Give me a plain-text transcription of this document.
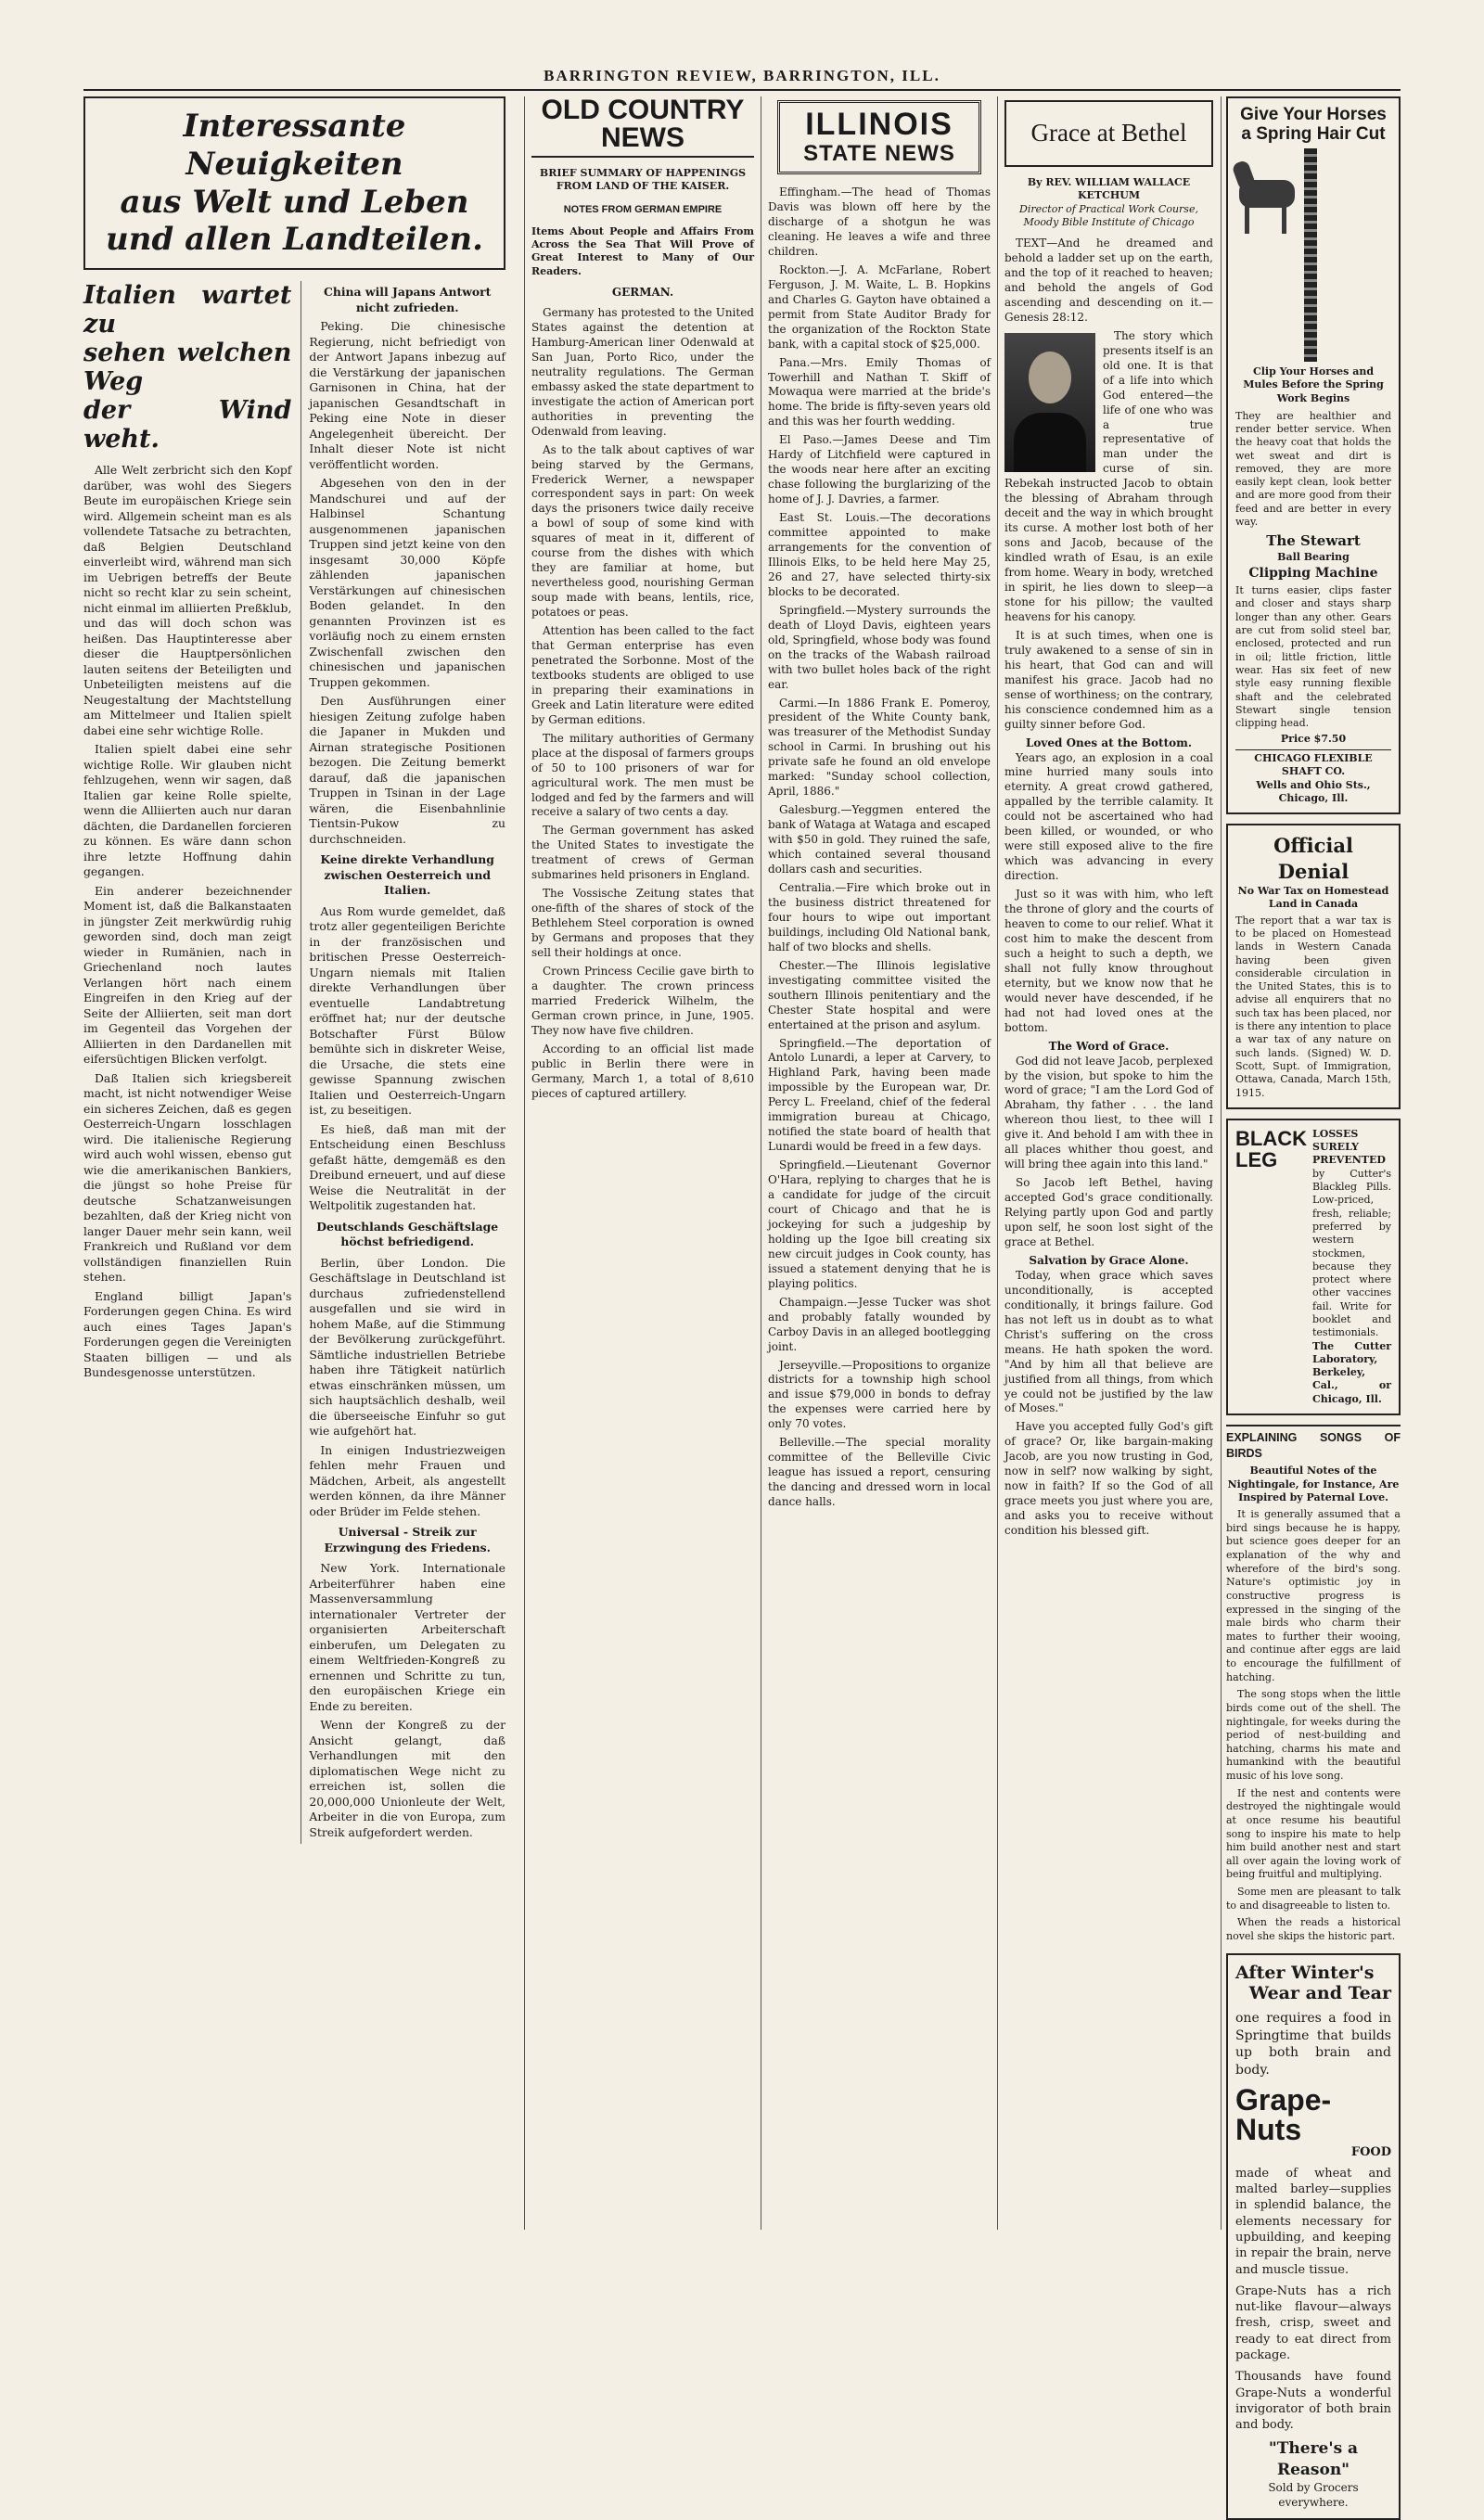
BARRINGTON REVIEW, BARRINGTON, ILL.
Interessante Neuigkeiten
aus Welt und Leben
und allen Landteilen.
Italien wartet zu
sehen welchen Weg
der Wind weht.

Alle Welt zerbricht sich den Kopf darüber, was wohl des Siegers Beute im europäischen Kriege sein wird. Allgemein scheint man es als vollendete Tatsache zu betrachten, daß Belgien Deutschland einverleibt wird, während man sich im Uebrigen betreffs der Beute nicht so recht klar zu sein scheint, nicht einmal im alliierten Preßklub, und das will doch schon was heißen. Das Hauptinteresse aber dieser die Hauptpersönlichen lauten seitens der Beteiligten und Unbeteiligten meistens auf die Neugestaltung der Machtstellung am Mittelmeer und Italien spielt dabei eine sehr wichtige Rolle.

Italien spielt dabei eine sehr wichtige Rolle. Wir glauben nicht fehlzugehen, wenn wir sagen, daß Italien gar keine Rolle spielte, wenn die Alliierten auch nur daran dächten, die Dardanellen forcieren zu können. Es wäre dann schon ihre letzte Hoffnung dahin gegangen.

Ein anderer bezeichnender Moment ist, daß die Balkanstaaten in jüngster Zeit merkwürdig ruhig geworden sind, doch man zeigt wieder in Rumänien, nach in Griechenland noch lautes Verlangen hört nach einem Eingreifen in den Krieg auf der Seite der Alliierten, seit man dort im Gegenteil das Vorgehen der Alliierten in den Dardanellen mit eifersüchtigen Blicken verfolgt.

Daß Italien sich kriegsbereit macht, ist nicht notwendiger Weise ein sicheres Zeichen, daß es gegen Oesterreich-Ungarn losschlagen wird. Die italienische Regierung wird auch wohl wissen, ebenso gut wie die amerikanischen Bankiers, die jüngst so hohe Preise für deutsche Schatzanweisungen bezahlten, daß der Krieg nicht von langer Dauer mehr sein kann, weil Frankreich und Rußland vor dem vollständigen finanziellen Ruin stehen.

England billigt Japan's Forderungen gegen China. Es wird auch eines Tages Japan's Forderungen gegen die Vereinigten Staaten billigen — und als Bundesgenosse unterstützen.

China will Japans Antwort nicht zufrieden.

Peking. Die chinesische Regierung, nicht befriedigt von der Antwort Japans inbezug auf die Verstärkung der japanischen Garnisonen in China, hat der japanischen Gesandtschaft in Peking eine Note in dieser Angelegenheit übereicht. Der Inhalt dieser Note ist nicht veröffentlicht worden.

Abgesehen von den in der Mandschurei und auf der Halbinsel Schantung ausgenommenen japanischen Truppen sind jetzt keine von den insgesamt 30,000 Köpfe zählenden japanischen Verstärkungen auf chinesischen Boden gelandet. In den genannten Provinzen ist es vorläufig noch zu einem ernsten Zwischenfall zwischen den chinesischen und japanischen Truppen gekommen.

Den Ausführungen einer hiesigen Zeitung zufolge haben die Japaner in Mukden und Airnan strategische Positionen bezogen. Die Zeitung bemerkt darauf, daß die japanischen Truppen in Tsinan in der Lage wären, die Eisenbahnlinie Tientsin-Pukow zu durchschneiden.

Keine direkte Verhandlung zwischen Oesterreich und Italien.

Aus Rom wurde gemeldet, daß trotz aller gegenteiligen Berichte in der französischen und britischen Presse Oesterreich-Ungarn niemals mit Italien direkte Verhandlungen über eventuelle Landabtretung eröffnet hat; nur der deutsche Botschafter Fürst Bülow bemühte sich in diskreter Weise, die Ursache, die stets eine gewisse Spannung zwischen Italien und Oesterreich-Ungarn ist, zu beseitigen.

Es hieß, daß man mit der Entscheidung einen Beschluss gefaßt hätte, demgemäß es den Dreibund erneuert, und auf diese Weise die Neutralität in der Weltpolitik zugestanden hat.

Deutschlands Geschäftslage höchst befriedigend.

Berlin, über London. Die Geschäftslage in Deutschland ist durchaus zufriedenstellend ausgefallen und sie wird in hohem Maße, auf die Stimmung der Bevölkerung zurückgeführt. Sämtliche industriellen Betriebe haben ihre Tätigkeit natürlich etwas einschränken müssen, um sich hauptsächlich deshalb, weil die überseeische Einfuhr so gut wie aufgehört hat.

In einigen Industriezweigen fehlen mehr Frauen und Mädchen, Arbeit, als angestellt werden können, da ihre Männer oder Brüder im Felde stehen.

Universal - Streik zur Erzwingung des Friedens.

New York. Internationale Arbeiterführer haben eine Massenversammlung internationaler Vertreter der organisierten Arbeiterschaft einberufen, um Delegaten zu einem Weltfrieden-Kongreß zu ernennen und Schritte zu tun, den europäischen Kriege ein Ende zu bereiten.

Wenn der Kongreß zu der Ansicht gelangt, daß Verhandlungen mit den diplomatischen Wege nicht zu erreichen ist, sollen die 20,000,000 Unionleute der Welt, Arbeiter in die von Europa, zum Streik aufgefordert werden.

OLD COUNTRY NEWS
BRIEF SUMMARY OF HAPPENINGS FROM LAND OF THE KAISER.
NOTES FROM GERMAN EMPIRE
Items About People and Affairs From Across the Sea That Will Prove of Great Interest to Many of Our Readers.
GERMAN.

Germany has protested to the United States against the detention at Hamburg-American liner Odenwald at San Juan, Porto Rico, under the neutrality regulations. The German embassy asked the state department to investigate the action of American port authorities in preventing the Odenwald from leaving.

As to the talk about captives of war being starved by the Germans, Frederick Werner, a newspaper correspondent says in part: On week days the prisoners twice daily receive a bowl of soup of some kind with squares of meat in it, different of course from the dishes with which they are familiar at home, but nevertheless good, nourishing German soup made with beans, lentils, rice, potatoes or peas.

Attention has been called to the fact that German enterprise has even penetrated the Sorbonne. Most of the textbooks students are obliged to use in preparing their examinations in Greek and Latin literature were edited by German editions.

The military authorities of Germany place at the disposal of farmers groups of 50 to 100 prisoners of war for agricultural work. The men must be lodged and fed by the farmers and will receive a salary of two cents a day.

The German government has asked the United States to investigate the treatment of crews of German submarines held prisoners in England.

The Vossische Zeitung states that one-fifth of the shares of stock of the Bethlehem Steel corporation is owned by Germans and proposes that they sell their holdings at once.

Crown Princess Cecilie gave birth to a daughter. The crown princess married Frederick Wilhelm, the German crown prince, in June, 1905. They now have five children.

According to an official list made public in Berlin there were in Germany, March 1, a total of 8,610 pieces of captured artillery.

ILLINOIS
STATE NEWS

Effingham.—The head of Thomas Davis was blown off here by the discharge of a shotgun he was cleaning. He leaves a wife and three children.

Rockton.—J. A. McFarlane, Robert Ferguson, J. M. Waite, L. B. Hopkins and Charles G. Gayton have obtained a permit from State Auditor Brady for the organization of the Rockton State bank, with a capital stock of $25,000.

Pana.—Mrs. Emily Thomas of Towerhill and Nathan T. Skiff of Mowaqua were married at the bride's home. The bride is fifty-seven years old and this was her fourth wedding.

El Paso.—James Deese and Tim Hardy of Litchfield were captured in the woods near here after an exciting chase following the burglarizing of the home of J. J. Davries, a farmer.

East St. Louis.—The decorations committee appointed to make arrangements for the convention of Illinois Elks, to be held here May 25, 26 and 27, have selected thirty-six blocks to be decorated.

Springfield.—Mystery surrounds the death of Lloyd Davis, eighteen years old, Springfield, whose body was found on the tracks of the Wabash railroad with two bullet holes back of the right ear.

Carmi.—In 1886 Frank E. Pomeroy, president of the White County bank, was treasurer of the Methodist Sunday school in Carmi. In brushing out his private safe he found an old envelope marked: "Sunday school collection, April, 1886."

Galesburg.—Yeggmen entered the bank of Wataga at Wataga and escaped with $50 in gold. They ruined the safe, which contained several thousand dollars cash and securities.

Centralia.—Fire which broke out in the business district threatened for four hours to wipe out important buildings, including Old National bank, half of two blocks and shells.

Chester.—The Illinois legislative investigating committee visited the southern Illinois penitentiary and the Chester State hospital and were entertained at the prison and asylum.

Springfield.—The deportation of Antolo Lunardi, a leper at Carvery, to Highland Park, having been made impossible by the European war, Dr. Percy L. Freeland, chief of the federal immigration bureau at Chicago, notified the state board of health that Lunardi would be freed in a few days.

Springfield.—Lieutenant Governor O'Hara, replying to charges that he is a candidate for judge of the circuit court of Chicago and that he is jockeying for such a judgeship by holding up the Igoe bill creating six new circuit judges in Cook county, has issued a statement denying that he is playing politics.

Champaign.—Jesse Tucker was shot and probably fatally wounded by Carboy Davis in an alleged bootlegging joint.

Jerseyville.—Propositions to organize districts for a township high school and issue $79,000 in bonds to defray the expenses were carried here by only 70 votes.

Belleville.—The special morality committee of the Belleville Civic league has issued a report, censuring the dancing and dressed worn in local dance halls.

Grace at Bethel
By REV. WILLIAM WALLACE KETCHUM
Director of Practical Work Course, Moody Bible Institute of Chicago

TEXT—And he dreamed and behold a ladder set up on the earth, and the top of it reached to heaven; and behold the angels of God ascending and descending on it.—Genesis 28:12.

The story which presents itself is an old one. It is that of a life into which God entered—the life of one who was a true representative of man under the curse of sin. Rebekah instructed Jacob to obtain the blessing of Abraham through deceit and the way in which brought its curse. A mother lost both of her sons and Jacob, because of the kindled wrath of Esau, is an exile from home. Weary in body, wretched in spirit, he lies down to sleep—a stone for his pillow; the vaulted heavens for his canopy.

It is at such times, when one is truly awakened to a sense of sin in his heart, that God can and will manifest his grace. Jacob had no sense of worthiness; on the contrary, his conscience condemned him as a guilty sinner before God.

Loved Ones at the Bottom.

Years ago, an explosion in a coal mine hurried many souls into eternity. A great crowd gathered, appalled by the terrible calamity. It could not be ascertained who had been killed, or wounded, or who were still exposed alive to the fire which was advancing in every direction.

Just so it was with him, who left the throne of glory and the courts of heaven to come to our relief. What it cost him to make the descent from such a height to such a depth, we shall not fully know throughout eternity, but we know now that he would never have descended, if he had not had loved ones at the bottom.

The Word of Grace.

God did not leave Jacob, perplexed by the vision, but spoke to him the word of grace; "I am the Lord God of Abraham, thy father . . . the land whereon thou liest, to thee will I give it. And behold I am with thee in all places whither thou goest, and will bring thee again into this land."

So Jacob left Bethel, having accepted God's grace conditionally. Relying partly upon God and partly upon self, he soon lost sight of the grace at Bethel.

Salvation by Grace Alone.

Today, when grace which saves unconditionally, is accepted conditionally, it brings failure. God has not left us in doubt as to what Christ's suffering on the cross means. He hath spoken the word. "And by him all that believe are justified from all things, from which ye could not be justified by the law of Moses."

Have you accepted fully God's gift of grace? Or, like bargain-making Jacob, are you now trusting in God, now in self? now walking by sight, now in faith? If so the God of all grace meets you just where you are, and asks you to receive without condition his blessed gift.

Give Your Horses
a Spring Hair Cut
Clip Your Horses and Mules Before the Spring Work Begins
They are healthier and render better service. When the heavy coat that holds the wet sweat and dirt is removed, they are more easily kept clean, look better and are more good from their feed and are better in every way.
The Stewart
Ball Bearing
Clipping Machine
It turns easier, clips faster and closer and stays sharp longer than any other. Gears are cut from solid steel bar, enclosed, protected and run in oil; little friction, little wear. Has six feet of new style easy running flexible shaft and the celebrated Stewart single tension clipping head.
Price $7.50
CHICAGO FLEXIBLE SHAFT CO.
Wells and Ohio Sts., Chicago, Ill.
Official Denial
No War Tax on Homestead Land in Canada
The report that a war tax is to be placed on Homestead lands in Western Canada having been given considerable circulation in the United States, this is to advise all enquirers that no such tax has been placed, nor is there any intention to place a war tax of any nature on such lands. (Signed) W. D. Scott, Supt. of Immigration, Ottawa, Canada, March 15th, 1915.
BLACK
LEG
LOSSES SURELY PREVENTED
by Cutter's Blackleg Pills. Low-priced, fresh, reliable; preferred by western stockmen, because they protect where other vaccines fail. Write for booklet and testimonials.
The Cutter Laboratory, Berkeley, Cal., or Chicago, Ill.
EXPLAINING SONGS OF BIRDS
Beautiful Notes of the Nightingale, for Instance, Are Inspired by Paternal Love.

It is generally assumed that a bird sings because he is happy, but science goes deeper for an explanation of the why and wherefore of the bird's song. Nature's optimistic joy in constructive progress is expressed in the singing of the male birds who charm their mates to further their wooing, and continue after eggs are laid to encourage the fulfillment of hatching.

The song stops when the little birds come out of the shell. The nightingale, for weeks during the period of nest-building and hatching, charms his mate and humankind with the beautiful music of his love song.

If the nest and contents were destroyed the nightingale would at once resume his beautiful song to inspire his mate to help him build another nest and start all over again the loving work of being fruitful and multiplying.

Some men are pleasant to talk to and disagreeable to listen to.

When the reads a historical novel she skips the historic part.

After Winter's
Wear and Tear
one requires a food in Springtime that builds up both brain and body.
Grape-Nuts
FOOD
made of wheat and malted barley—supplies in splendid balance, the elements necessary for upbuilding, and keeping in repair the brain, nerve and muscle tissue.
Grape-Nuts has a rich nut-like flavour—always fresh, crisp, sweet and ready to eat direct from package.
Thousands have found Grape-Nuts a wonderful invigorator of both brain and body.
"There's a Reason"
Sold by Grocers everywhere.
